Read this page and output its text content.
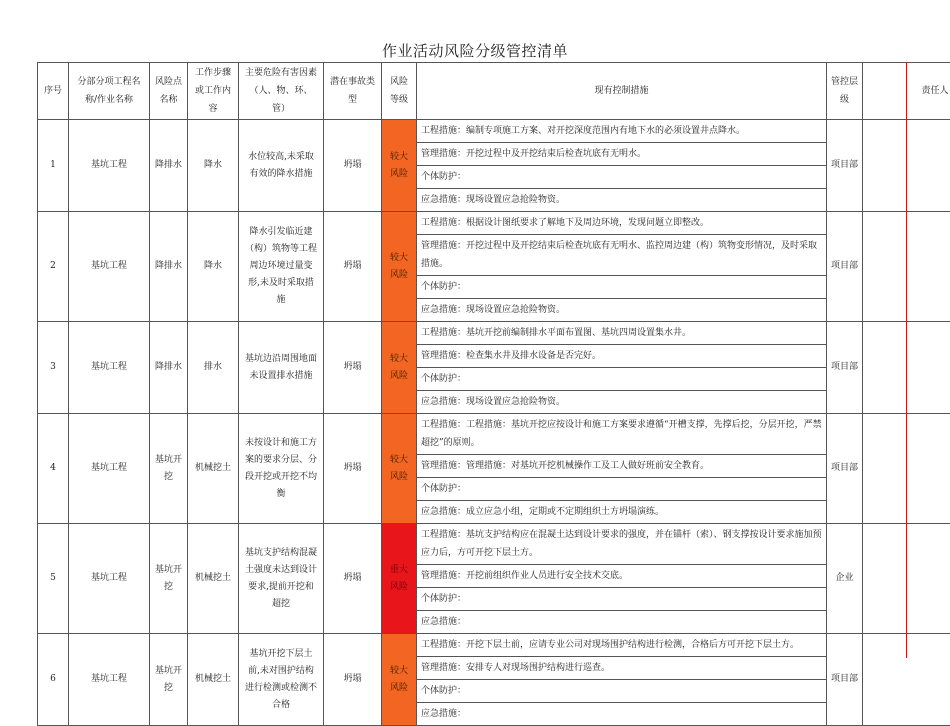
作业活动风险分级管控清单
序号	分部分项工程名称/作业名称	风险点名称	工作步骤或工作内容	主要危险有害因素（人、物、环、管）	潜在事故类型	风险等级	现有控制措施	管控层级	责任人
1	基坑工程	降排水	降水	水位较高,未采取有效的降水措施	坍塌	较大风险	工程措施：编制专项施工方案、对开挖深度范围内有地下水的必须设置井点降水。	项目部	
							管理措施：开挖过程中及开挖结束后检查坑底有无明水。		
							个体防护：		
							应急措施：现场设置应急抢险物资。		
2	基坑工程	降排水	降水	降水引发临近建（构）筑物等工程周边环境过量变形,未及时采取措施	坍塌	较大风险	工程措施：根据设计图纸要求了解地下及周边环境，发现问题立即整改。	项目部	
							管理措施：开挖过程中及开挖结束后检查坑底有无明水、监控周边建（构）筑物变形情况，及时采取措施。		
							个体防护：		
							应急措施：现场设置应急抢险物资。		
3	基坑工程	降排水	排水	基坑边沿周围地面未设置排水措施	坍塌	较大风险	工程措施：基坑开挖前编制排水平面布置图、基坑四周设置集水井。	项目部	
							管理措施：检查集水井及排水设备是否完好。		
							个体防护：		
							应急措施：现场设置应急抢险物资。		
4	基坑工程	基坑开挖	机械挖土	未按设计和施工方案的要求分层、分段开挖或开挖不均衡	坍塌	较大风险	工程措施：工程措施：基坑开挖应按设计和施工方案要求遵循“开槽支撑，先撑后挖，分层开挖，严禁超挖”的原则。	项目部	
							管理措施：管理措施：对基坑开挖机械操作工及工人做好班前安全教育。		
							个体防护：		
							应急措施：成立应急小组，定期或不定期组织土方坍塌演练。		
5	基坑工程	基坑开挖	机械挖土	基坑支护结构混凝土强度未达到设计要求,提前开挖和超挖	坍塌	重大风险	工程措施：基坑支护结构应在混凝土达到设计要求的强度，并在锚杆（索）、钢支撑按设计要求施加预应力后，方可开挖下层土方。	企业	
							管理措施：开挖前组织作业人员进行安全技术交底。		
							个体防护：		
							应急措施：		
6	基坑工程	基坑开挖	机械挖土	基坑开挖下层土前,未对围护结构进行检测或检测不合格	坍塌	较大风险	工程措施：开挖下层土前，应请专业公司对现场围护结构进行检测，合格后方可开挖下层土方。	项目部	
							管理措施：安排专人对现场围护结构进行巡查。		
							个体防护：		
							应急措施：		
